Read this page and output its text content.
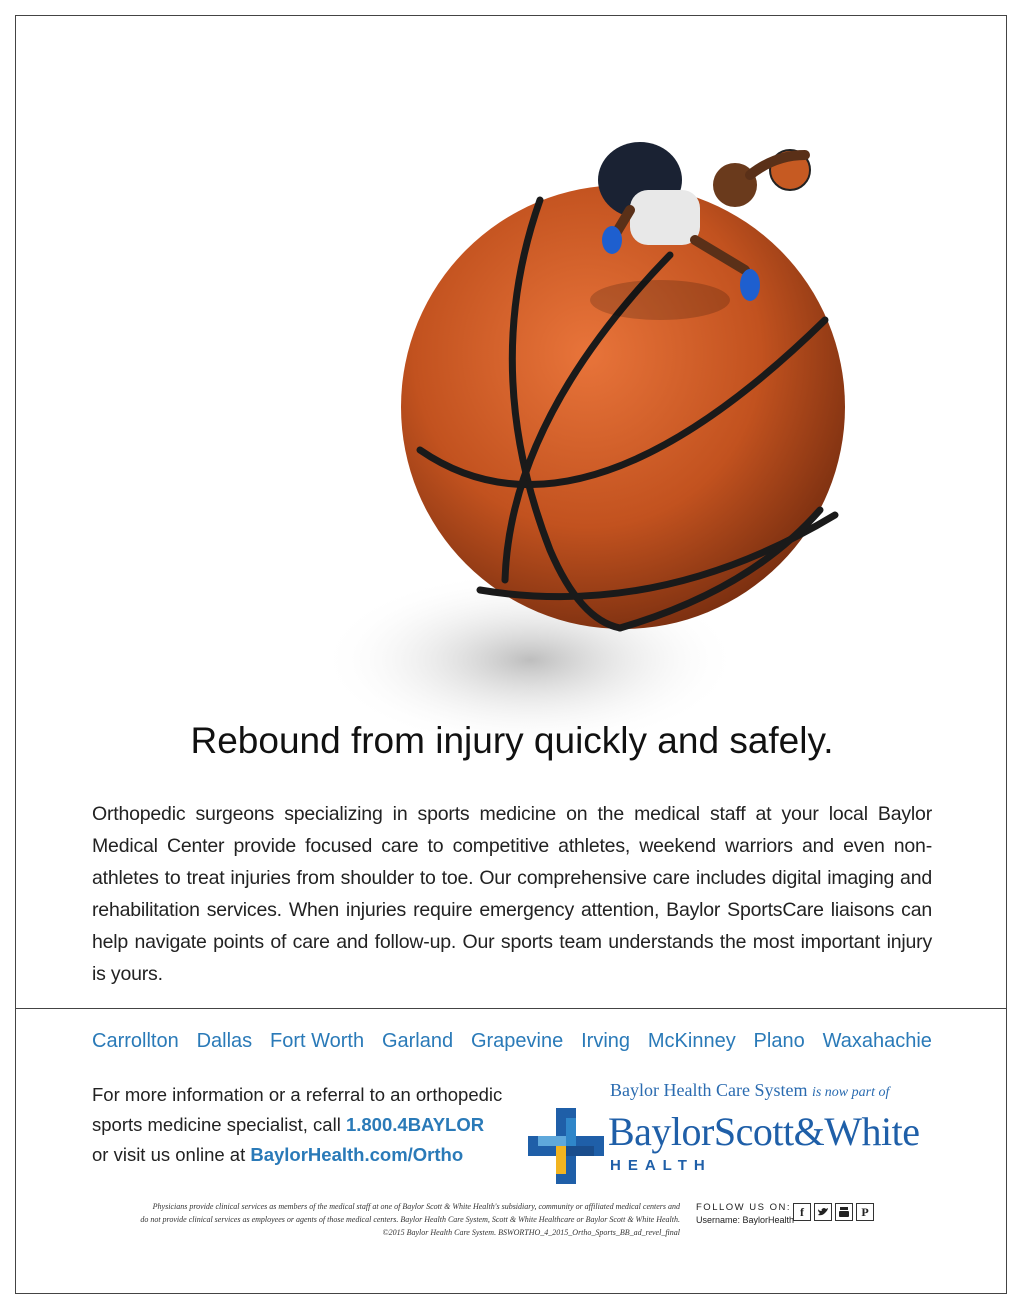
Rebound from injury quickly and safely.
Orthopedic surgeons specializing in sports medicine on the medical staff at your local Baylor Medical Center provide focused care to competitive athletes, weekend warriors and even non-athletes to treat injuries from shoulder to toe. Our comprehensive care includes digital imaging and rehabilitation services. When injuries require emergency attention, Baylor SportsCare liaisons can help navigate points of care and follow-up. Our sports team understands the most important injury is yours.
Carrollton Dallas Fort Worth Garland Grapevine Irving McKinney Plano Waxahachie
For more information or a referral to an orthopedic
sports medicine specialist, call 1.800.4BAYLOR
or visit us online at BaylorHealth.com/Ortho
Baylor Health Care System is now part of
BaylorScott&White
HEALTH
Physicians provide clinical services as members of the medical staff at one of Baylor Scott & White Health's subsidiary, community or affiliated medical centers and
do not provide clinical services as employees or agents of those medical centers. Baylor Health Care System, Scott & White Healthcare or Baylor Scott & White Health.
©2015 Baylor Health Care System. BSWORTHO_4_2015_Ortho_Sports_BB_ad_revel_final
FOLLOW US ON:
Username: BaylorHealth
f	P
